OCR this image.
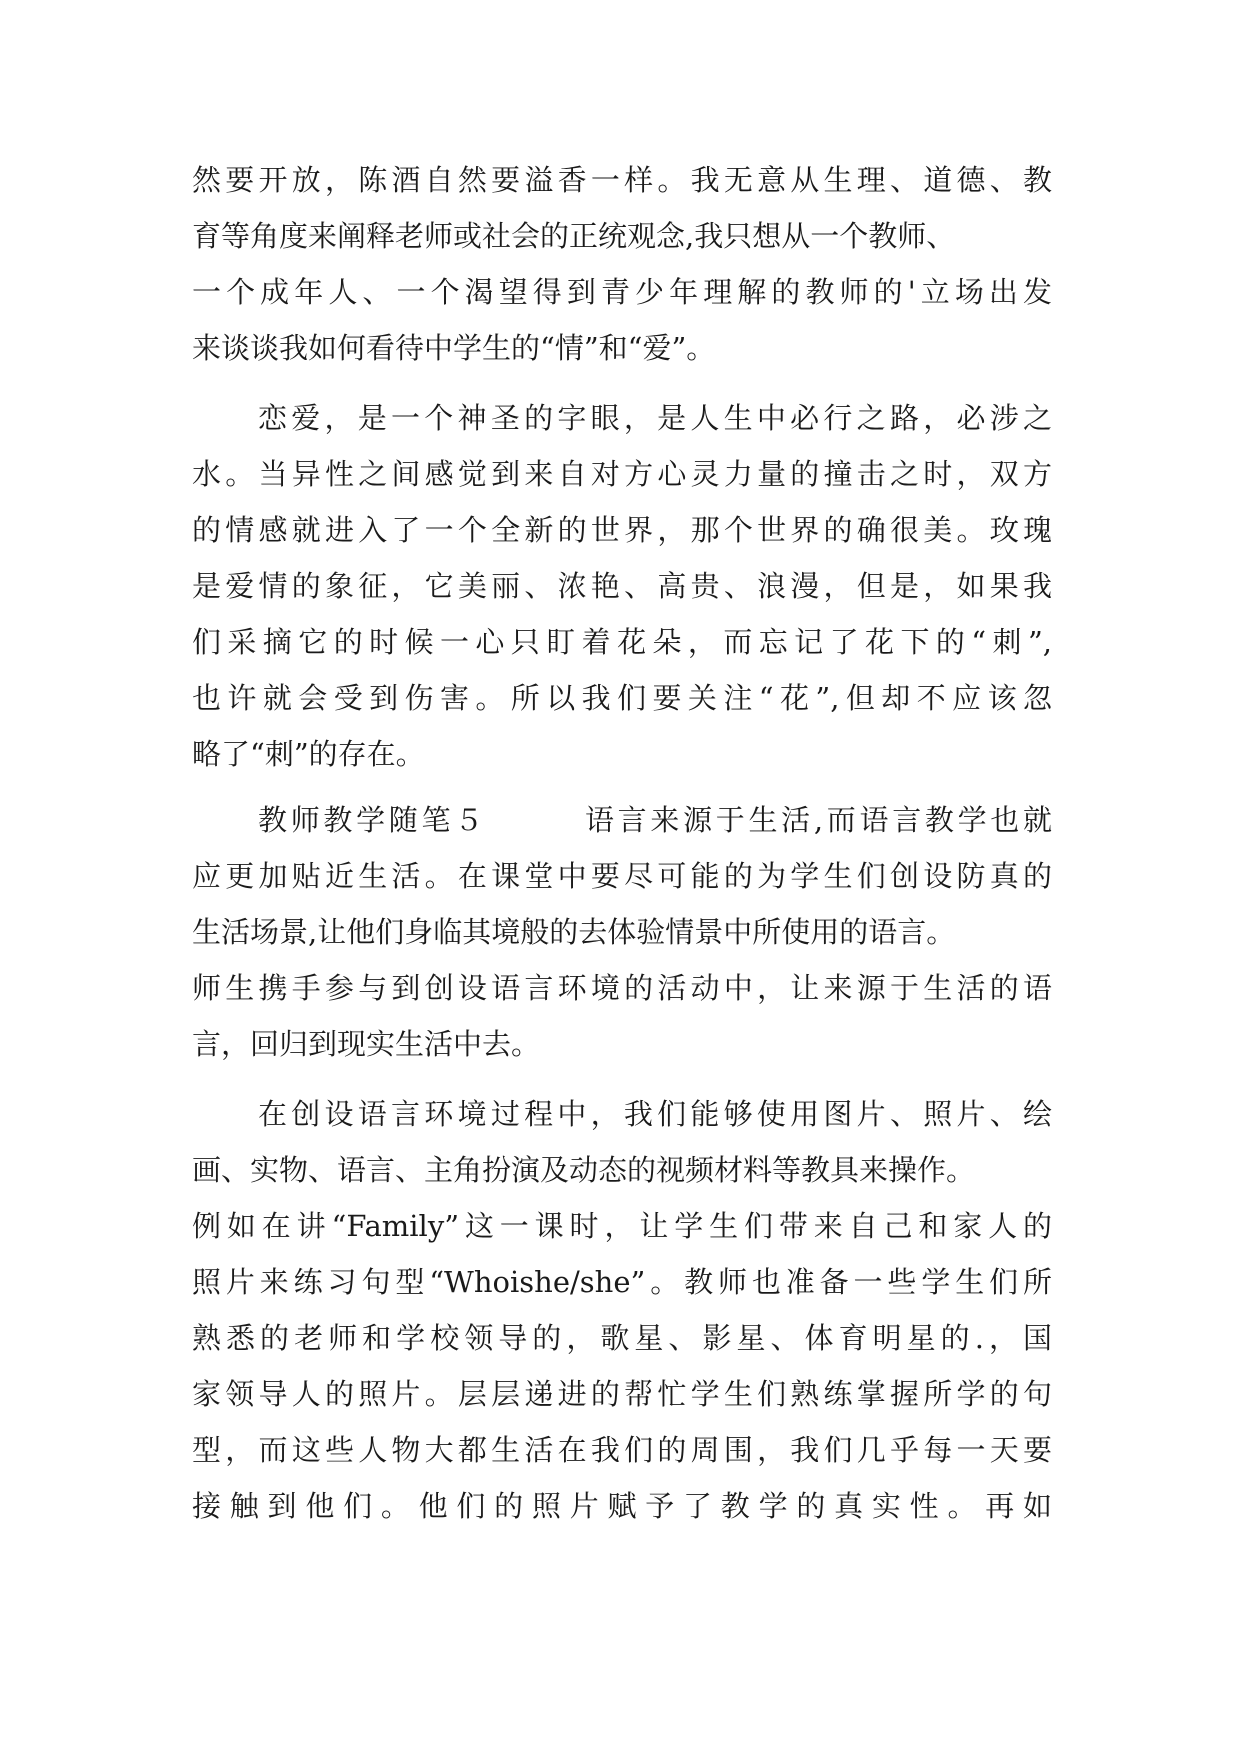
然要开放，陈酒自然要溢香一样。我无意从生理、道德、教
育等角度来阐释老师或社会的正统观念,我只想从一个教师、
一个成年人、一个渴望得到青少年理解的教师的'立场出发
来谈谈我如何看待中学生的“情”和“爱”。
恋爱，是一个神圣的字眼，是人生中必行之路，必涉之
水。当异性之间感觉到来自对方心灵力量的撞击之时，双方
的情感就进入了一个全新的世界，那个世界的确很美。玫瑰
是爱情的象征，它美丽、浓艳、高贵、浪漫，但是，如果我
们采摘它的时候一心只盯着花朵，而忘记了花下的“刺”,
也许就会受到伤害。所以我们要关注“花”,但却不应该忽
略了“刺”的存在。
教师教学随笔５　　　语言来源于生活,而语言教学也就
应更加贴近生活。在课堂中要尽可能的为学生们创设防真的
生活场景,让他们身临其境般的去体验情景中所使用的语言。
师生携手参与到创设语言环境的活动中，让来源于生活的语
言，回归到现实生活中去。
在创设语言环境过程中，我们能够使用图片、照片、绘
画、实物、语言、主角扮演及动态的视频材料等教具来操作。
例如在讲“Family”这一课时，让学生们带来自己和家人的
照片来练习句型“Whoishe/she”。教师也准备一些学生们所
熟悉的老师和学校领导的，歌星、影星、体育明星的.，国
家领导人的照片。层层递进的帮忙学生们熟练掌握所学的句
型，而这些人物大都生活在我们的周围，我们几乎每一天要
接触到他们。他们的照片赋予了教学的真实性。再如
